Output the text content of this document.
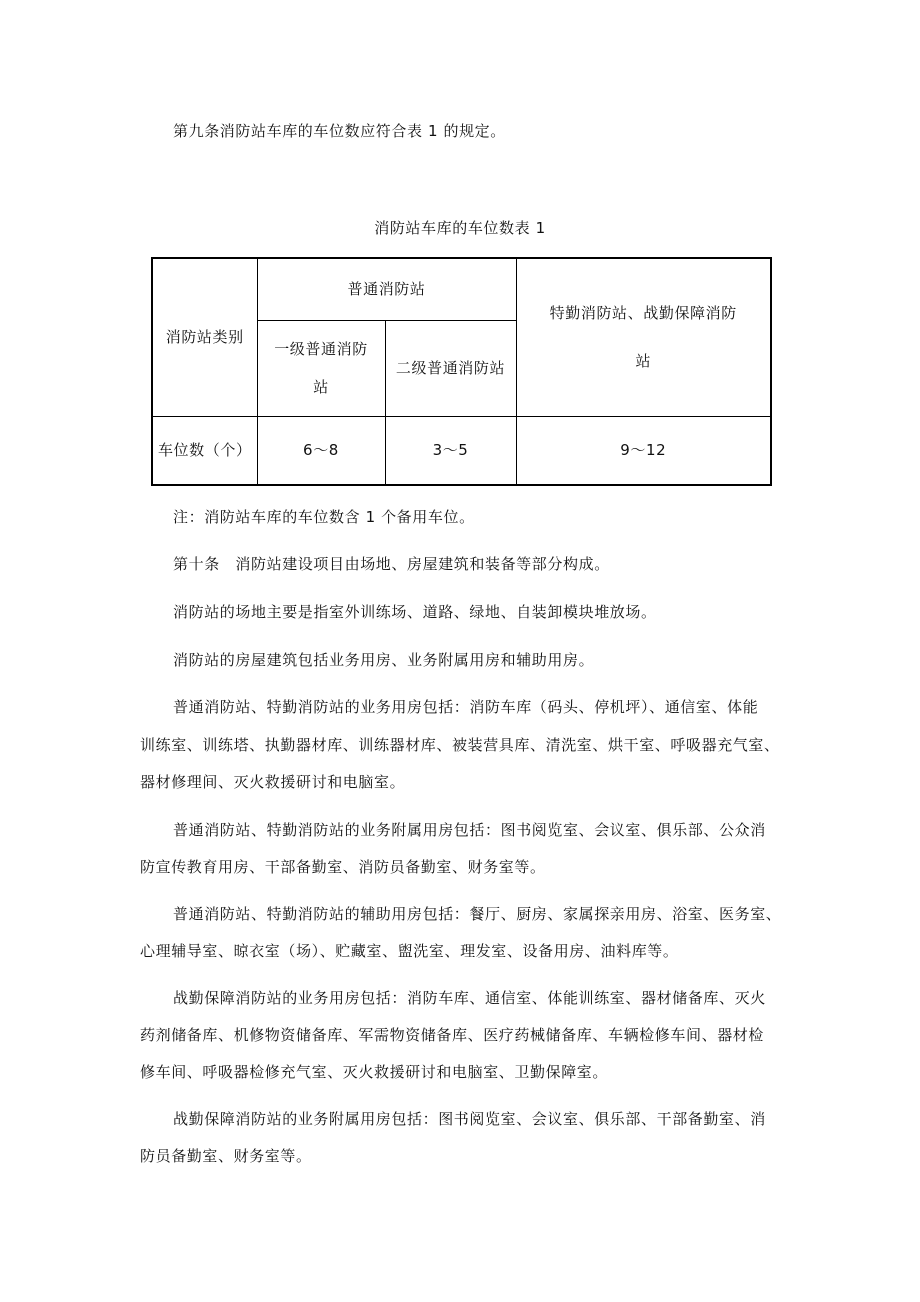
第九条消防站车库的车位数应符合表 1 的规定。
消防站车库的车位数表 1
消防站类别	普通消防站		特勤消防站、战勤保障消防站
	一级普通消防站	二级普通消防站	
车位数（个）	6～8	3～5	9～12
注：消防站车库的车位数含 1 个备用车位。
第十条　消防站建设项目由场地、房屋建筑和装备等部分构成。
消防站的场地主要是指室外训练场、道路、绿地、自装卸模块堆放场。
消防站的房屋建筑包括业务用房、业务附属用房和辅助用房。
普通消防站、特勤消防站的业务用房包括：消防车库（码头、停机坪）、通信室、体能
训练室、训练塔、执勤器材库、训练器材库、被装营具库、清洗室、烘干室、呼吸器充气室、
器材修理间、灭火救援研讨和电脑室。
普通消防站、特勤消防站的业务附属用房包括：图书阅览室、会议室、俱乐部、公众消
防宣传教育用房、干部备勤室、消防员备勤室、财务室等。
普通消防站、特勤消防站的辅助用房包括：餐厅、厨房、家属探亲用房、浴室、医务室、
心理辅导室、晾衣室（场）、贮藏室、盥洗室、理发室、设备用房、油料库等。
战勤保障消防站的业务用房包括：消防车库、通信室、体能训练室、器材储备库、灭火
药剂储备库、机修物资储备库、军需物资储备库、医疗药械储备库、车辆检修车间、器材检
修车间、呼吸器检修充气室、灭火救援研讨和电脑室、卫勤保障室。
战勤保障消防站的业务附属用房包括：图书阅览室、会议室、俱乐部、干部备勤室、消
防员备勤室、财务室等。
